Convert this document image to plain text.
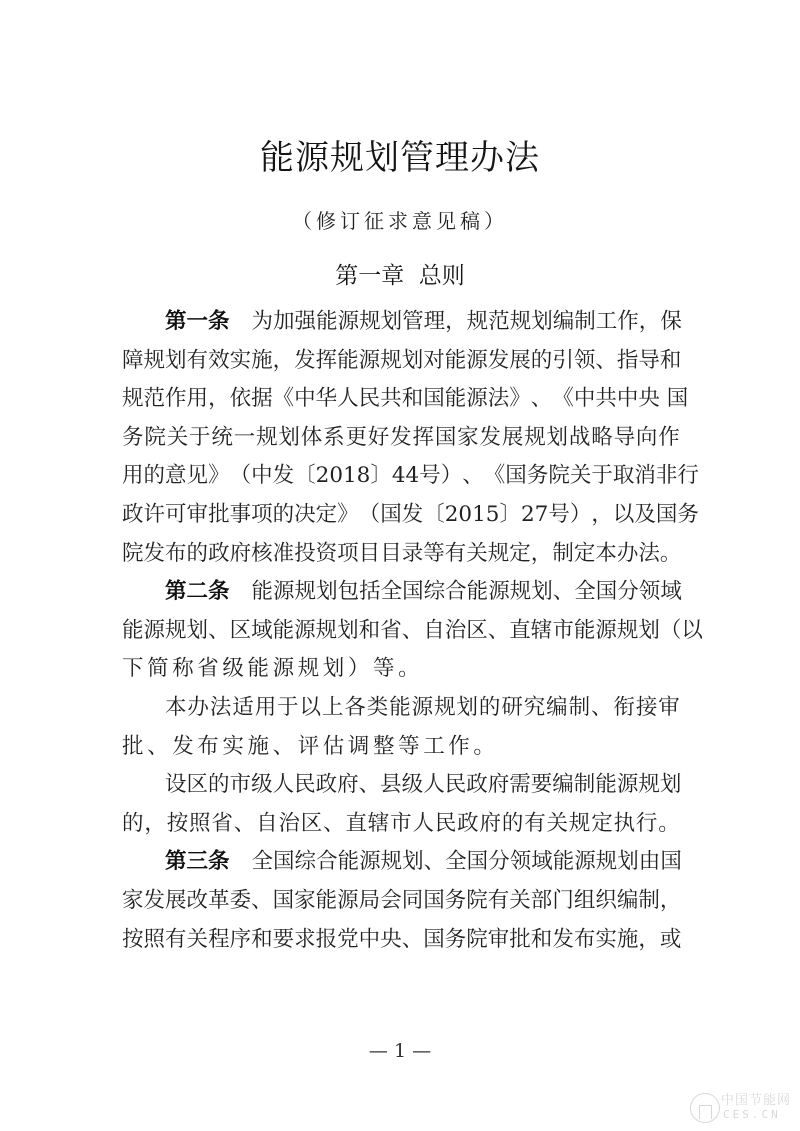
能源规划管理办法
（修订征求意见稿）
第一章  总则
第一条 为 加 强 能 源 规 划 管 理 ， 规 范 规 划 编 制 工 作 ， 保
障 规 划 有 效 实 施 ， 发 挥 能 源 规 划 对 能 源 发 展 的 引 领 、 指 导 和
规 范 作 用 ， 依 据 《 中 华 人 民 共 和 国 能 源 法 》 、 《 中 共 中 央
国
务 院 关 于 统 一 规 划 体 系 更 好 发 挥 国 家 发 展 规 划 战 略 导 向 作
用 的 意 见 》 （ 中 发 〔 2018 〕 44 号 ） 、 《 国 务 院 关 于 取 消 非 行
政 许 可 审 批 事 项 的 决 定 》 （ 国 发 〔 2015 〕 27 号 ） ， 以 及 国 务
院 发 布 的 政 府 核 准 投 资 项 目 目 录 等 有 关 规 定 ， 制 定 本 办 法 。
第二条 能 源 规 划 包 括 全 国 综 合 能 源 规 划 、 全 国 分 领 域
能 源 规 划 、 区 域 能 源 规 划 和 省 、 自 治 区 、 直 辖 市 能 源 规 划 （ 以
下简称省级能源规划）等。
本 办 法 适 用 于 以 上 各 类 能 源 规 划 的 研 究 编 制 、 衔 接 审
批、发布实施、评估调整等工作。
设 区 的 市 级 人 民 政 府 、 县 级 人 民 政 府 需 要 编 制 能 源 规 划
的 ， 按 照 省 、 自 治 区 、 直 辖 市 人 民 政 府 的 有 关 规 定 执 行 。
第三条 全 国 综 合 能 源 规 划 、 全 国 分 领 域 能 源 规 划 由 国
家 发 展 改 革 委 、 国 家 能 源 局 会 同 国 务 院 有 关 部 门 组 织 编 制 ，
按 照 有 关 程 序 和 要 求 报 党 中 央 、 国 务 院 审 批 和 发 布 实 施 ， 或
— 1 —
中国节能网
CES.CN
